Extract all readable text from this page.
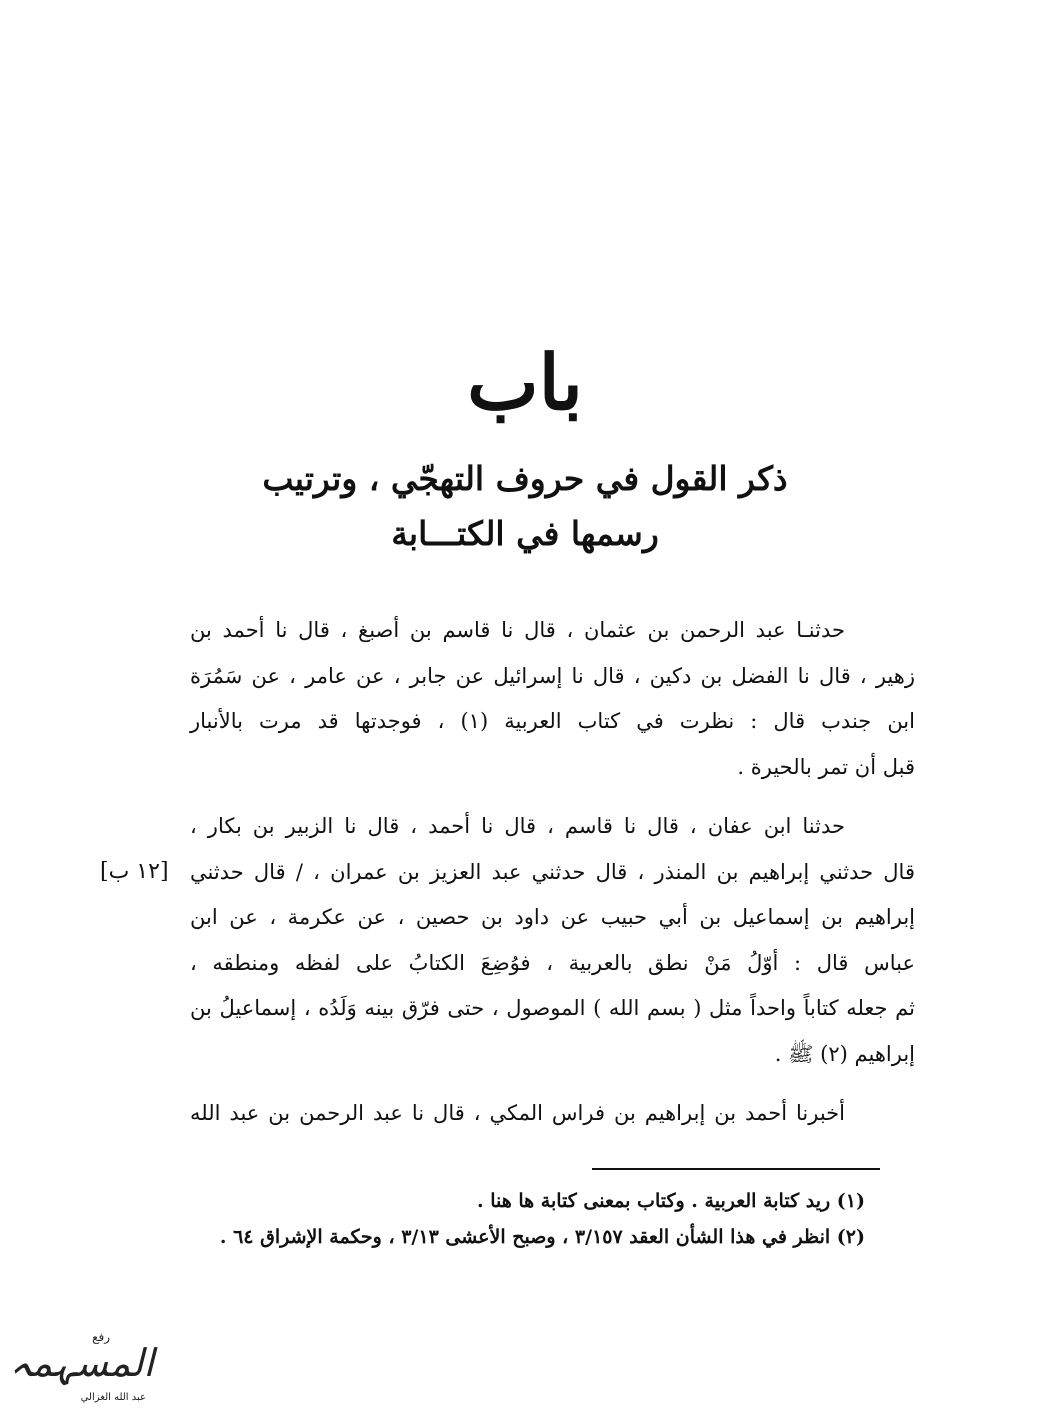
باب
ذكر القول في حروف التهجّي ، وترتيب
رسمها في الكتـــابة
حدثنـا عبد الرحمن بن عثمان ، قال نا قاسم بن أصبغ ، قال نا أحمد بن
زهير ، قال نا الفضل بن دكين ، قال نا إسرائيل عن جابر ، عن عامر ، عن سَمُرَة
ابن جندب قال : نظرت في كتاب العربية (١) ، فوجدتها قد مرت بالأنبار
قبل أن تمر بالحيرة .
حدثنا ابن عفان ، قال نا قاسم ، قال نا أحمد ، قال نا الزبير بن بكار ،
قال حدثني إبراهيم بن المنذر ، قال حدثني عبد العزيز بن عمران ، / قال حدثني
إبراهيم بن إسماعيل بن أبي حبيب عن داود بن حصين ، عن عكرمة ، عن ابن
عباس قال : أوّلُ مَنْ نطق بالعربية ، فوُضِعَ الكتابُ على لفظه ومنطقه ،
ثم جعله كتاباً واحداً مثل ( بسم الله ) الموصول ، حتى فرّق بينه وَلَدُه ، إسماعيلُ بن
إبراهيم (٢) ﷺ .
أخبرنا أحمد بن إبراهيم بن فراس المكي ، قال نا عبد الرحمن بن عبد الله
[١٢ ب]
(١) ريد كتابة العربية . وكتاب بمعنى كتابة ها هنا .
(٢) انظر في هذا الشأن العقد ٣/١٥٧ ، وصبح الأعشى ٣/١٣ ، وحكمة الإشراق ٦٤ .
رفع
المسہمہ
عبد الله الغزالي
